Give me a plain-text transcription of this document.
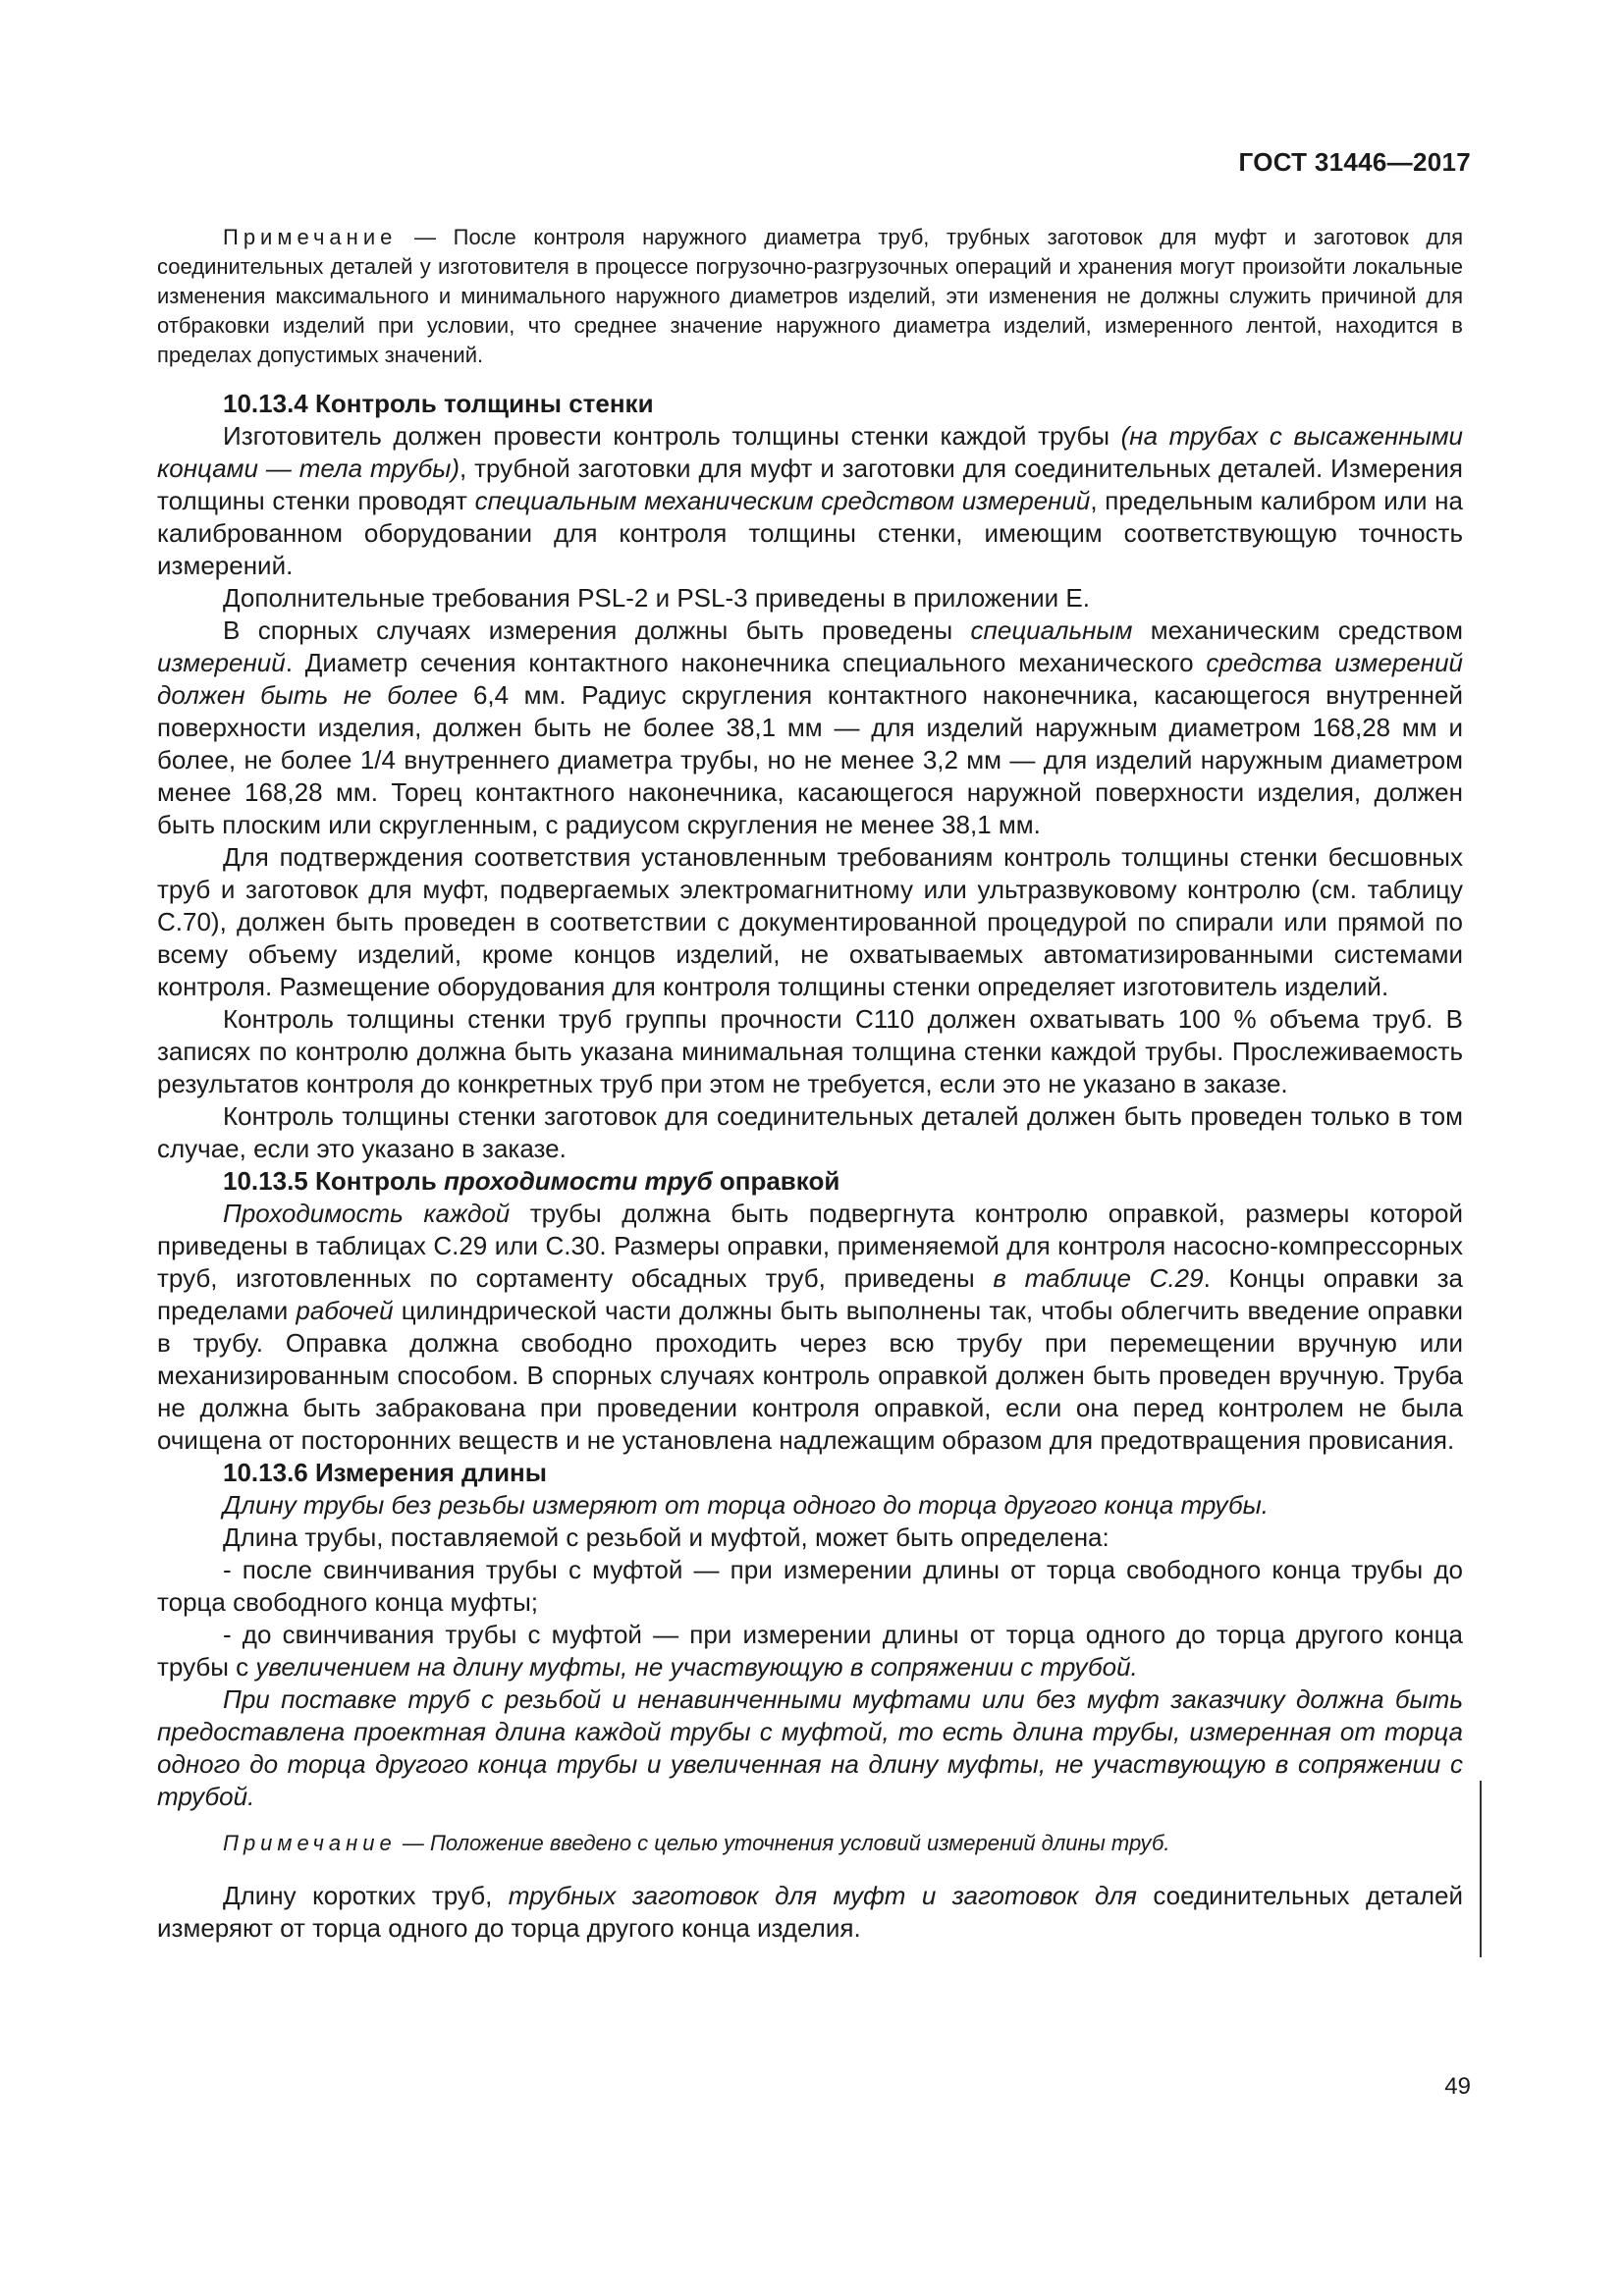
ГОСТ 31446—2017

Примечание — После контроля наружного диаметра труб, трубных заготовок для муфт и заготовок для соединительных деталей у изготовителя в процессе погрузочно-разгрузочных операций и хранения могут произойти локальные изменения максимального и минимального наружного диаметров изделий, эти изменения не должны служить причиной для отбраковки изделий при условии, что среднее значение наружного диаметра изделий, измеренного лентой, находится в пределах допустимых значений.

10.13.4 Контроль толщины стенки

Изготовитель должен провести контроль толщины стенки каждой трубы (на трубах с высаженными концами — тела трубы), трубной заготовки для муфт и заготовки для соединительных деталей. Измерения толщины стенки проводят специальным механическим средством измерений, предельным калибром или на калиброванном оборудовании для контроля толщины стенки, имеющим соответствующую точность измерений.

Дополнительные требования PSL-2 и PSL-3 приведены в приложении Е.

В спорных случаях измерения должны быть проведены специальным механическим средством измерений. Диаметр сечения контактного наконечника специального механического средства измерений должен быть не более 6,4 мм. Радиус скругления контактного наконечника, касающегося внутренней поверхности изделия, должен быть не более 38,1 мм — для изделий наружным диаметром 168,28 мм и более, не более 1/4 внутреннего диаметра трубы, но не менее 3,2 мм — для изделий наружным диаметром менее 168,28 мм. Торец контактного наконечника, касающегося наружной поверхности изделия, должен быть плоским или скругленным, с радиусом скругления не менее 38,1 мм.

Для подтверждения соответствия установленным требованиям контроль толщины стенки бесшовных труб и заготовок для муфт, подвергаемых электромагнитному или ультразвуковому контролю (см. таблицу С.70), должен быть проведен в соответствии с документированной процедурой по спирали или прямой по всему объему изделий, кроме концов изделий, не охватываемых автоматизированными системами контроля. Размещение оборудования для контроля толщины стенки определяет изготовитель изделий.

Контроль толщины стенки труб группы прочности С110 должен охватывать 100 % объема труб. В записях по контролю должна быть указана минимальная толщина стенки каждой трубы. Прослеживаемость результатов контроля до конкретных труб при этом не требуется, если это не указано в заказе.

Контроль толщины стенки заготовок для соединительных деталей должен быть проведен только в том случае, если это указано в заказе.

10.13.5 Контроль проходимости труб оправкой

Проходимость каждой трубы должна быть подвергнута контролю оправкой, размеры которой приведены в таблицах С.29 или С.30. Размеры оправки, применяемой для контроля насосно-компрессорных труб, изготовленных по сортаменту обсадных труб, приведены в таблице С.29. Концы оправки за пределами рабочей цилиндрической части должны быть выполнены так, чтобы облегчить введение оправки в трубу. Оправка должна свободно проходить через всю трубу при перемещении вручную или механизированным способом. В спорных случаях контроль оправкой должен быть проведен вручную. Труба не должна быть забракована при проведении контроля оправкой, если она перед контролем не была очищена от посторонних веществ и не установлена надлежащим образом для предотвращения провисания.

10.13.6 Измерения длины

Длину трубы без резьбы измеряют от торца одного до торца другого конца трубы.

Длина трубы, поставляемой с резьбой и муфтой, может быть определена:

- после свинчивания трубы с муфтой — при измерении длины от торца свободного конца трубы до торца свободного конца муфты;

- до свинчивания трубы с муфтой — при измерении длины от торца одного до торца другого конца трубы с увеличением на длину муфты, не участвующую в сопряжении с трубой.

При поставке труб с резьбой и ненавинченными муфтами или без муфт заказчику должна быть предоставлена проектная длина каждой трубы с муфтой, то есть длина трубы, измеренная от торца одного до торца другого конца трубы и увеличенная на длину муфты, не участвующую в сопряжении с трубой.

Примечание — Положение введено с целью уточнения условий измерений длины труб.

Длину коротких труб, трубных заготовок для муфт и заготовок для соединительных деталей измеряют от торца одного до торца другого конца изделия.

49
